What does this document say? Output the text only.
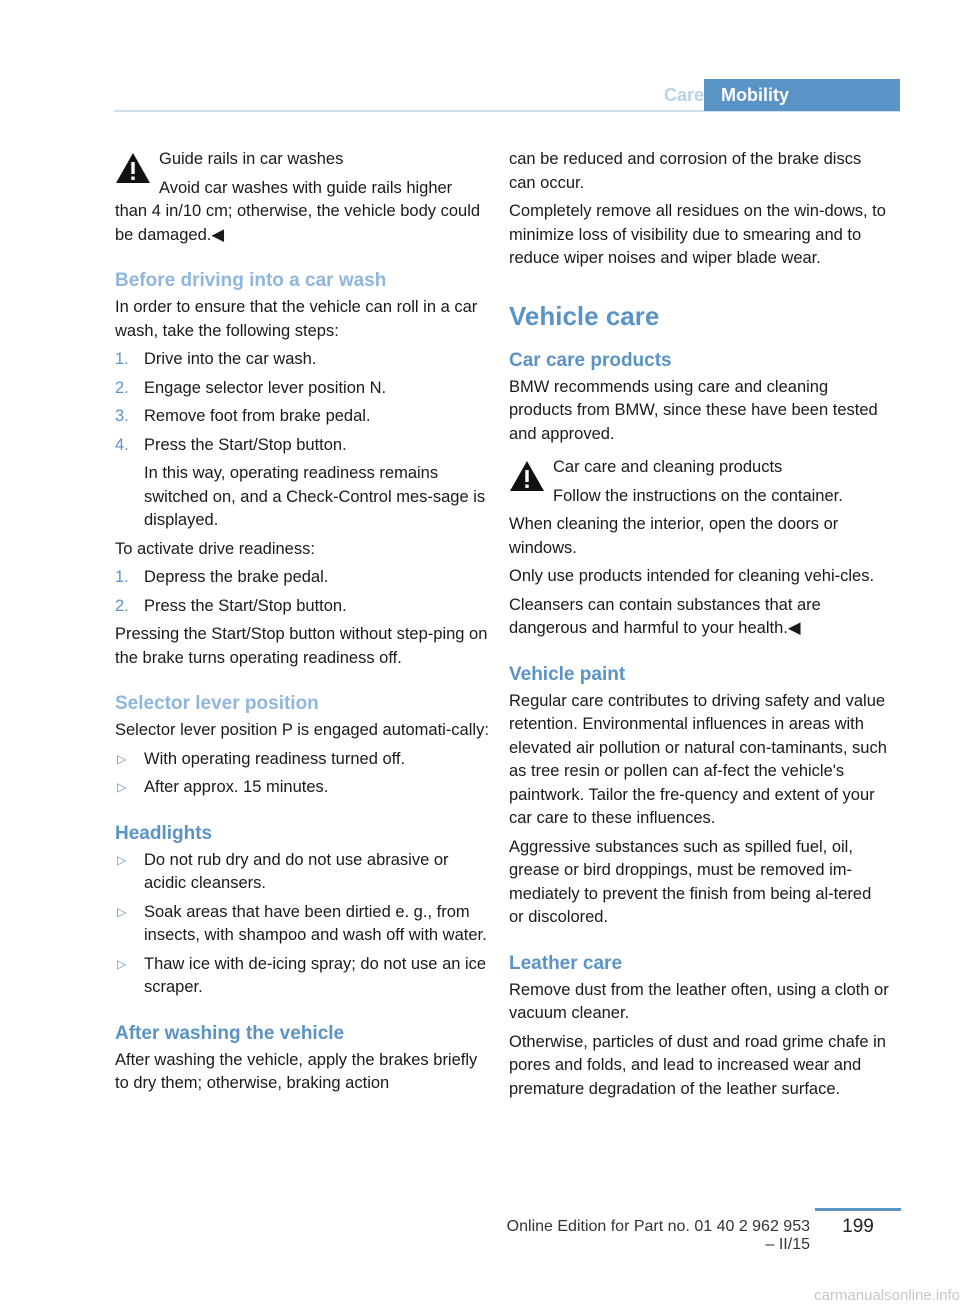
Care Mobility
Guide rails in car washes
Avoid car washes with guide rails higher

than 4 in/10 cm; otherwise, the vehicle body could be damaged.◀

Before driving into a car wash

In order to ensure that the vehicle can roll in a car wash, take the following steps:

1. Drive into the car wash.
2. Engage selector lever position N.
3. Remove foot from brake pedal.
4. Press the Start/Stop button.
In this way, operating readiness remains switched on, and a Check-Control mes-sage is displayed.

To activate drive readiness:

1. Depress the brake pedal.
2. Press the Start/Stop button.

Pressing the Start/Stop button without step-ping on the brake turns operating readiness off.

Selector lever position

Selector lever position P is engaged automati-cally:

▷ With operating readiness turned off.
▷ After approx. 15 minutes.
Headlights
▷ Do not rub dry and do not use abrasive or acidic cleansers.
▷ Soak areas that have been dirtied e. g., from insects, with shampoo and wash off with water.
▷ Thaw ice with de-icing spray; do not use an ice scraper.
After washing the vehicle

After washing the vehicle, apply the brakes briefly to dry them; otherwise, braking action

can be reduced and corrosion of the brake discs can occur.

Completely remove all residues on the win-dows, to minimize loss of visibility due to smearing and to reduce wiper noises and wiper blade wear.

Vehicle care
Car care products

BMW recommends using care and cleaning products from BMW, since these have been tested and approved.

Car care and cleaning products
Follow the instructions on the container.

When cleaning the interior, open the doors or windows.

Only use products intended for cleaning vehi-cles.

Cleansers can contain substances that are dangerous and harmful to your health.◀

Vehicle paint

Regular care contributes to driving safety and value retention. Environmental influences in areas with elevated air pollution or natural con-taminants, such as tree resin or pollen can af-fect the vehicle's paintwork. Tailor the fre-quency and extent of your car care to these influences.

Aggressive substances such as spilled fuel, oil, grease or bird droppings, must be removed im-mediately to prevent the finish from being al-tered or discolored.

Leather care

Remove dust from the leather often, using a cloth or vacuum cleaner.

Otherwise, particles of dust and road grime chafe in pores and folds, and lead to increased wear and premature degradation of the leather surface.

Online Edition for Part no. 01 40 2 962 953 – II/15
199
carmanualsonline.info
